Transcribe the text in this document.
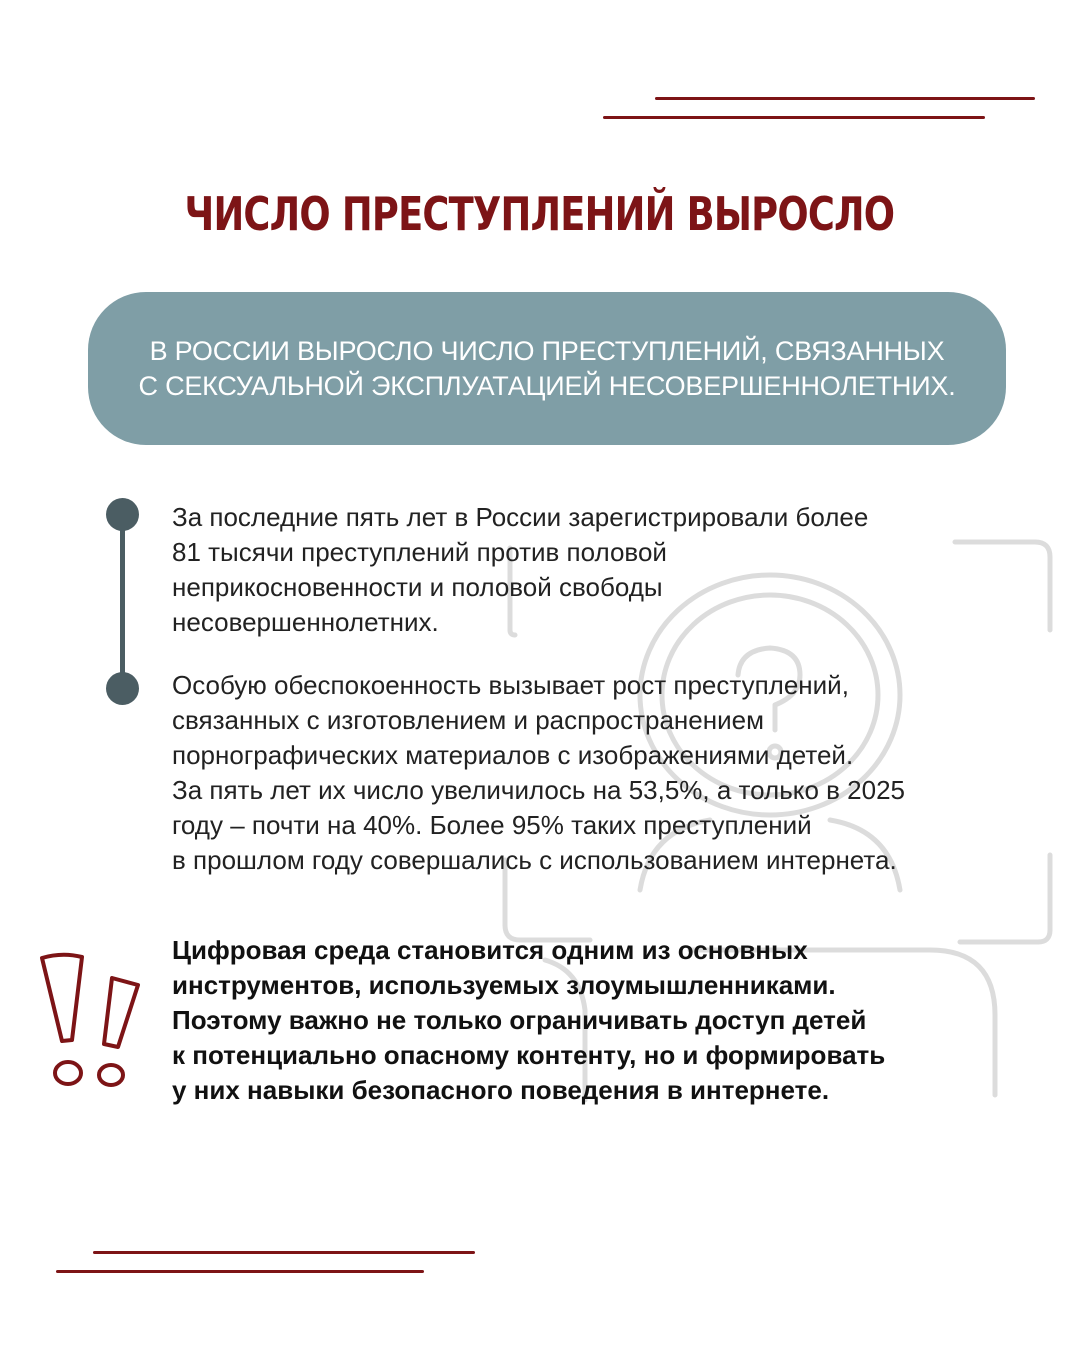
ЧИСЛО ПРЕСТУПЛЕНИЙ ВЫРОСЛО

В РОССИИ ВЫРОСЛО ЧИСЛО ПРЕСТУПЛЕНИЙ, СВЯЗАННЫХ
С СЕКСУАЛЬНОЙ ЭКСПЛУАТАЦИЕЙ НЕСОВЕРШЕННОЛЕТНИХ.

За последние пять лет в России зарегистрировали более
81 тысячи преступлений против половой
неприкосновенности и половой свободы
несовершеннолетних.

Особую обеспокоенность вызывает рост преступлений,
связанных с изготовлением и распространением
порнографических материалов с изображениями детей.
За пять лет их число увеличилось на 53,5%, а только в 2025
году – почти на 40%. Более 95% таких преступлений
в прошлом году совершались с использованием интернета.

Цифровая среда становится одним из основных
инструментов, используемых злоумышленниками.
Поэтому важно не только ограничивать доступ детей
к потенциально опасному контенту, но и формировать
у них навыки безопасного поведения в интернете.
